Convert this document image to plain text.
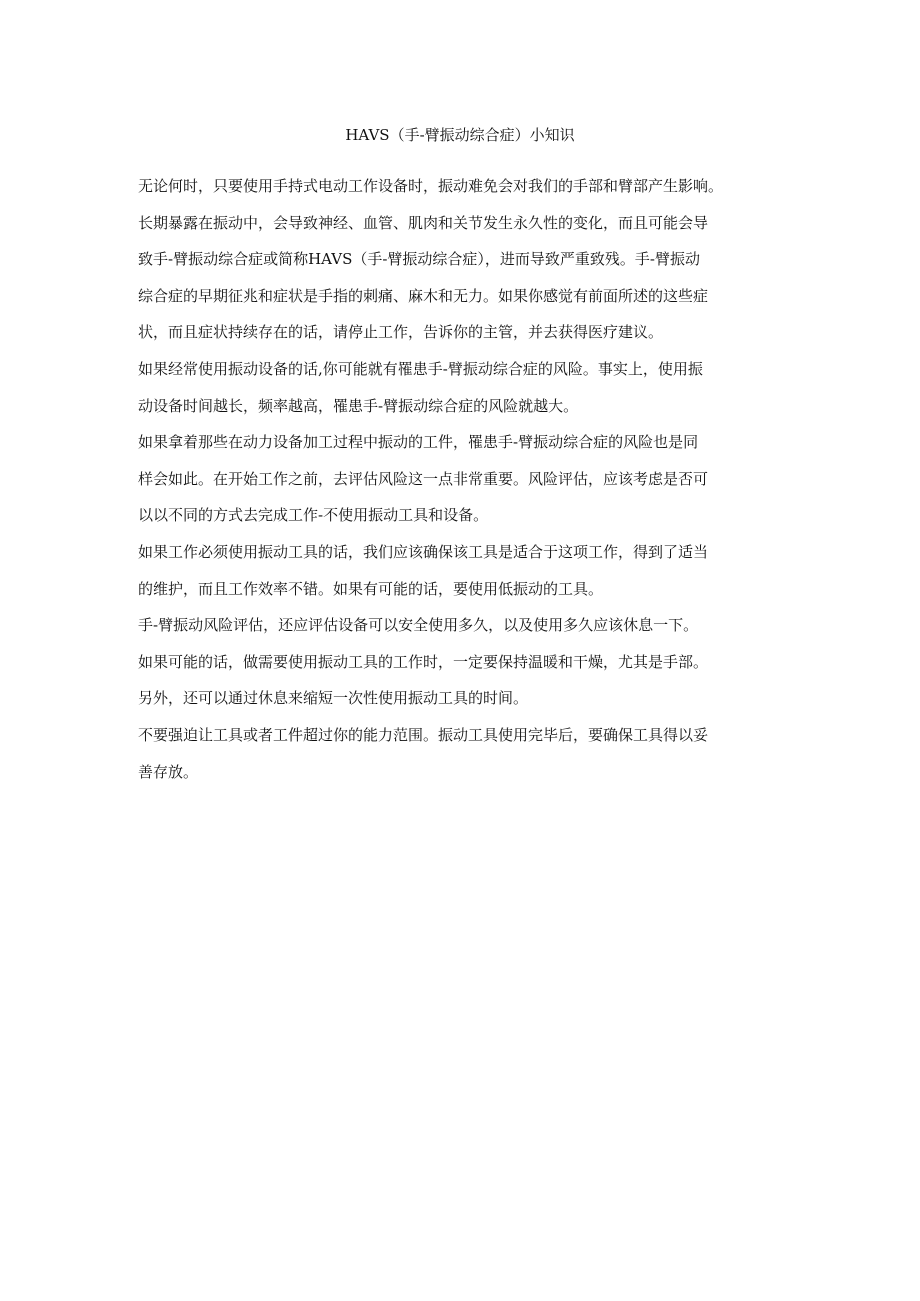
HAVS（手-臂振动综合症）小知识
无论何时，只要使用手持式电动工作设备时，振动难免会对我们的手部和臂部产生影响。
长期暴露在振动中，会导致神经、血管、肌肉和关节发生永久性的变化，而且可能会导
致手-臂振动综合症或简称HAVS（手-臂振动综合症），进而导致严重致残。手-臂振动
综合症的早期征兆和症状是手指的刺痛、麻木和无力。如果你感觉有前面所述的这些症
状，而且症状持续存在的话，请停止工作，告诉你的主管，并去获得医疗建议。
如果经常使用振动设备的话,你可能就有罹患手-臂振动综合症的风险。事实上，使用振
动设备时间越长，频率越高，罹患手-臂振动综合症的风险就越大。
如果拿着那些在动力设备加工过程中振动的工件，罹患手-臂振动综合症的风险也是同
样会如此。在开始工作之前，去评估风险这一点非常重要。风险评估，应该考虑是否可
以以不同的方式去完成工作-不使用振动工具和设备。
如果工作必须使用振动工具的话，我们应该确保该工具是适合于这项工作，得到了适当
的维护，而且工作效率不错。如果有可能的话，要使用低振动的工具。
手-臂振动风险评估，还应评估设备可以安全使用多久，以及使用多久应该休息一下。
如果可能的话，做需要使用振动工具的工作时，一定要保持温暖和干燥，尤其是手部。
另外，还可以通过休息来缩短一次性使用振动工具的时间。
不要强迫让工具或者工件超过你的能力范围。振动工具使用完毕后，要确保工具得以妥
善存放。
